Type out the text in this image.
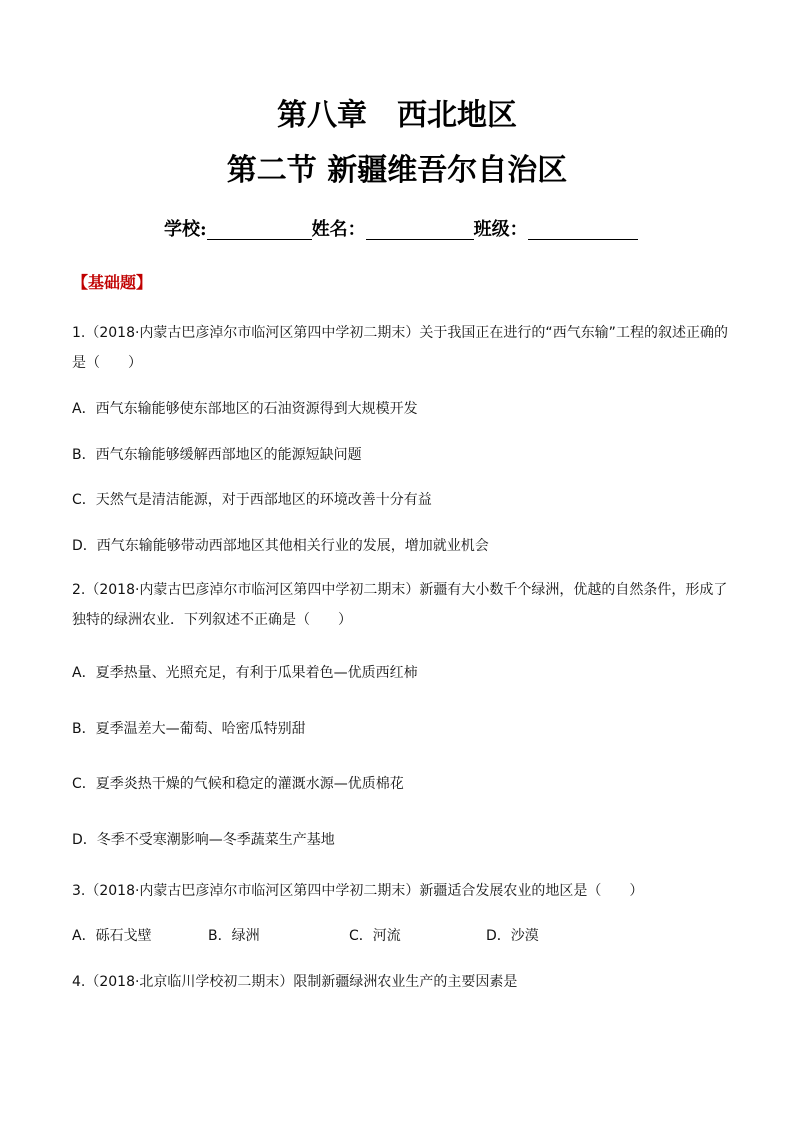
第八章　西北地区
第二节 新疆维吾尔自治区
学校:	姓名：	班级：
【基础题】
1.（2018·内蒙古巴彦淖尔市临河区第四中学初二期末）关于我国正在进行的“西气东输”工程的叙述正确的是（　　）
A．西气东输能够使东部地区的石油资源得到大规模开发
B．西气东输能够缓解西部地区的能源短缺问题
C．天然气是清洁能源，对于西部地区的环境改善十分有益
D．西气东输能够带动西部地区其他相关行业的发展，增加就业机会
2.（2018·内蒙古巴彦淖尔市临河区第四中学初二期末）新疆有大小数千个绿洲，优越的自然条件，形成了独特的绿洲农业．下列叙述不正确是（　　）
A．夏季热量、光照充足，有利于瓜果着色—优质西红柿
B．夏季温差大—葡萄、哈密瓜特别甜
C．夏季炎热干燥的气候和稳定的灌溉水源—优质棉花
D．冬季不受寒潮影响—冬季蔬菜生产基地
3.（2018·内蒙古巴彦淖尔市临河区第四中学初二期末）新疆适合发展农业的地区是（　　）
A．砾石戈壁	B．绿洲	C．河流	D．沙漠
4.（2018·北京临川学校初二期末）限制新疆绿洲农业生产的主要因素是
